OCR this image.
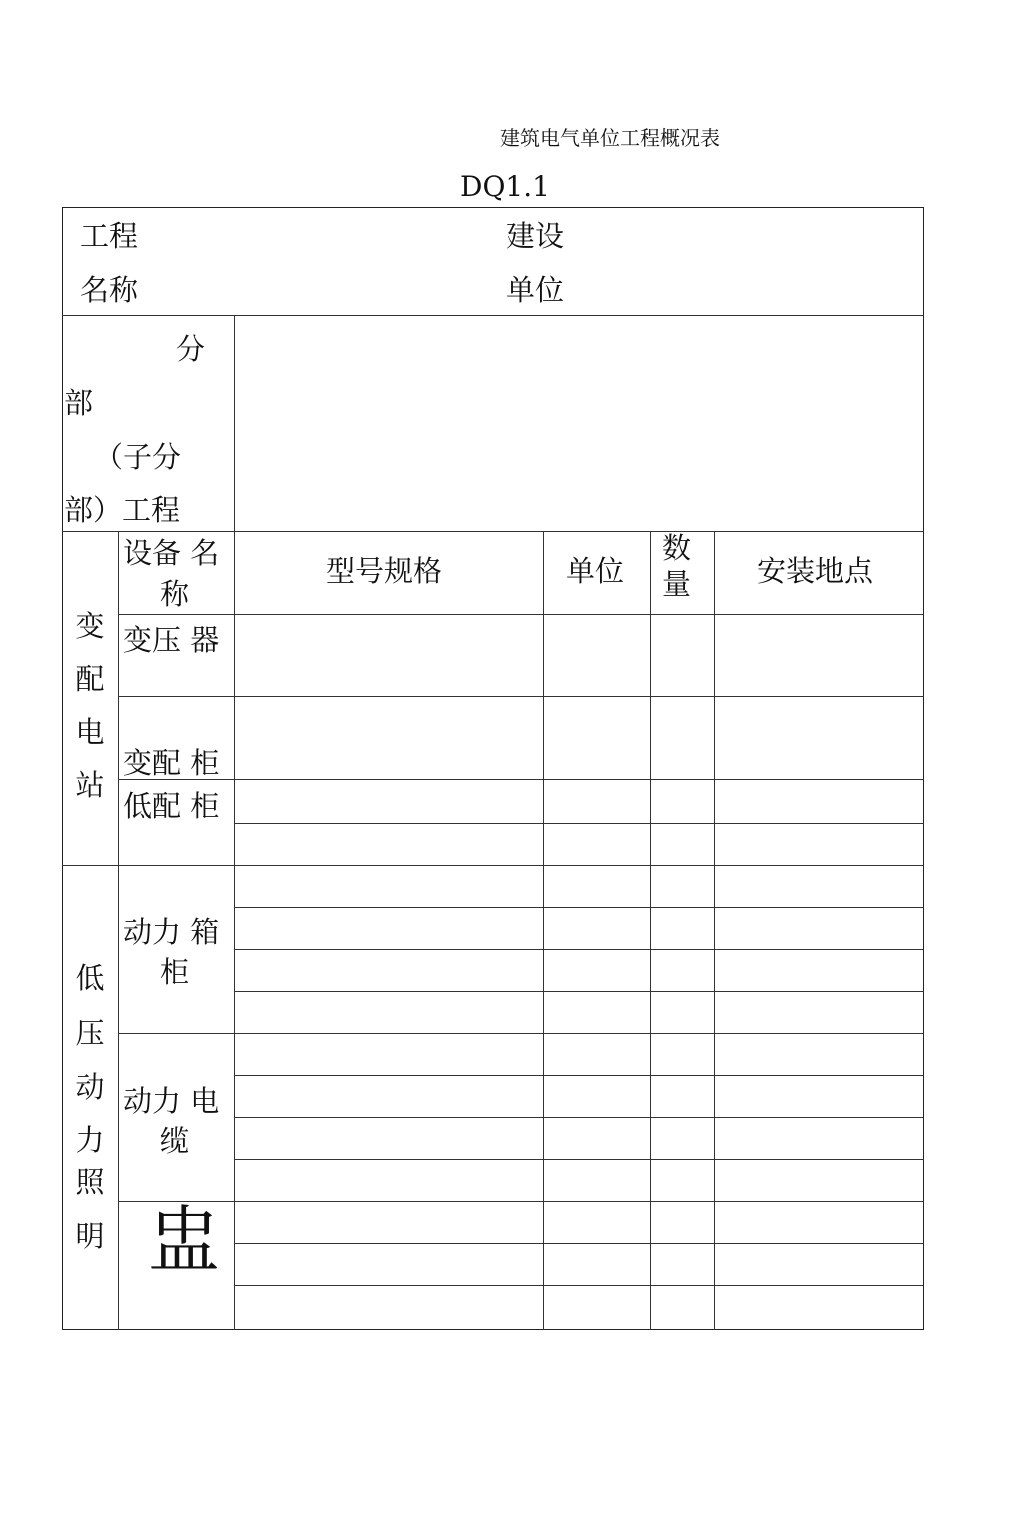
建筑电气单位工程概况表
DQ1.1
工程
名称
建设
单位
分
部
（子分
部）工程
设备 名
称
型号规格	单位
数
量 安装地点
变
配
电
站
变压 器
变配 柜
低配 柜
低
压
动
力
照
明
动力 箱
柜
动力 电
缆
盅
